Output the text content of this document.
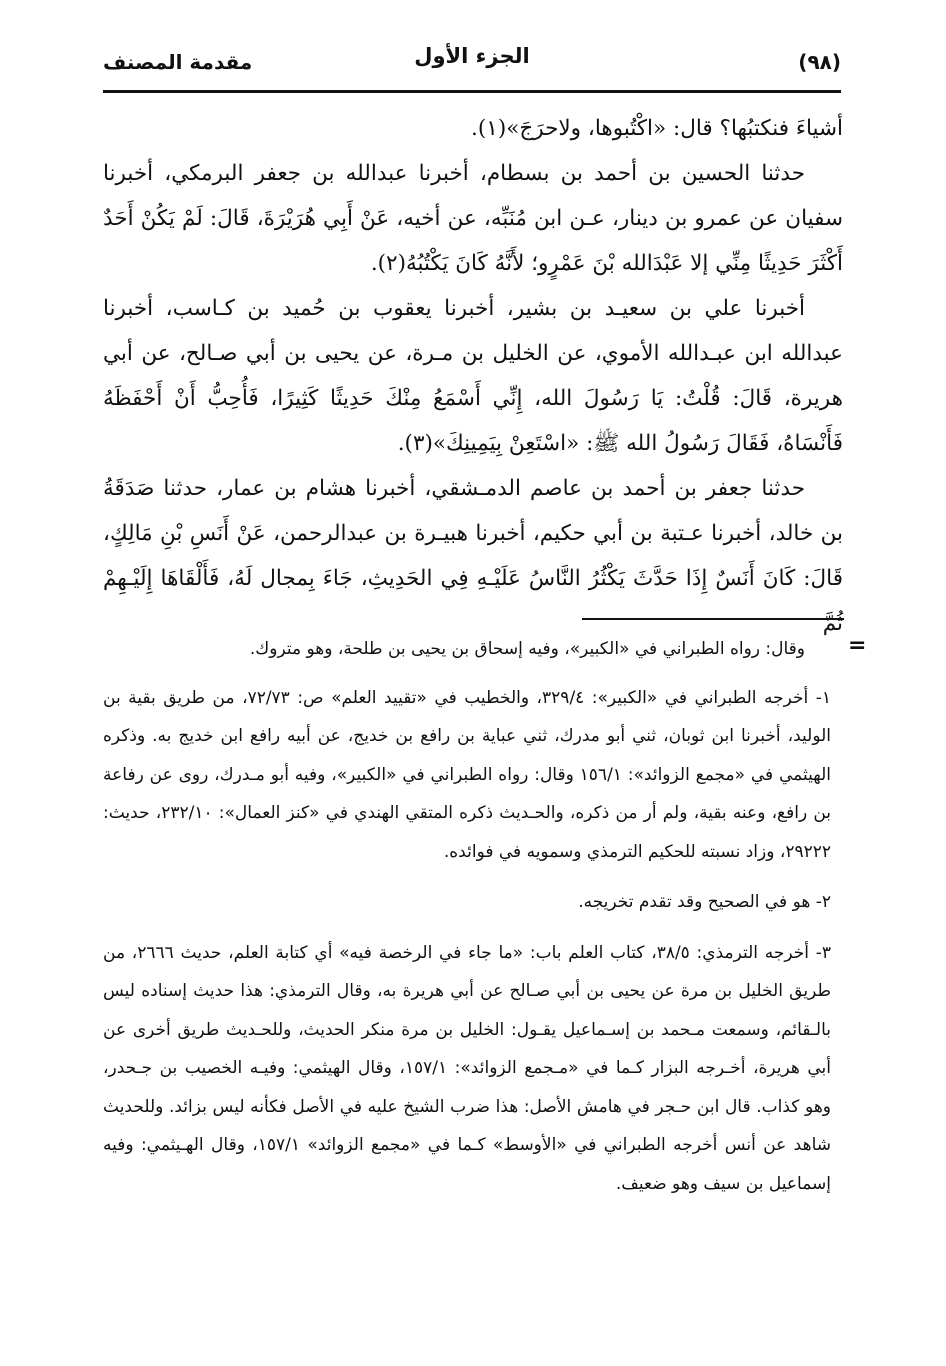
مقدمة المصنف	الجزء الأول	(٩٨)

أشياءَ فنكتبُها؟ قال: «اكْتُبوها، ولاحرَجَ»(١).

حدثنا الحسين بن أحمد بن بسطام، أخبرنا عبدالله بن جعفر البرمكي، أخبرنا سفيان عن عمرو بن دينار، عـن ابن مُنَبِّه، عن أخيه، عَنْ أَبِي هُرَيْرَةَ، قَالَ: لَمْ يَكُنْ أَحَدٌ أَكْثَرَ حَدِيثًا مِنِّي إلا عَبْدَالله بْنَ عَمْرٍو؛ لأَنَّهُ كَانَ يَكْتُبُهُ(٢).

أخبرنا علي بن سعيـد بن بشير، أخبرنا يعقوب بن حُميد بن كـاسب، أخبرنا عبدالله ابن عبـدالله الأموي، عن الخليل بن مـرة، عن يحيى بن أبي صـالح، عن أبي هريرة، قَالَ: قُلْتُ: يَا رَسُولَ الله، إِنِّي أَسْمَعُ مِنْكَ حَدِيثًا كَثِيرًا، فَأُحِبُّ أَنْ أَحْفَظَهُ فَأَنْسَاهُ، فَقَالَ رَسُولُ الله ﷺ: «اسْتَعِنْ بِيَمِينِكَ»(٣).

حدثنا جعفر بن أحمد بن عاصم الدمـشقي، أخبرنا هشام بن عمار، حدثنا صَدَقَةُ بن خالد، أخبرنا عـتبة بن أبي حكيم، أخبرنا هبيـرة بن عبدالرحمن، عَنْ أَنَسِ بْنِ مَالِكٍ، قَالَ: كَانَ أَنَسٌ إِذَا حَدَّثَ يَكْثُرُ النَّاسُ عَلَيْـهِ فِي الحَدِيثِ، جَاءَ بِمجال لَهُ، فَأَلْقَاهَا إِلَيْـهِمْ ثُمَّ

=

وقال: رواه الطبراني في «الكبير»، وفيه إسحاق بن يحيى بن طلحة، وهو متروك.

١- أخرجه الطبراني في «الكبير»: ٣٢٩/٤، والخطيب في «تقييد العلم» ص: ٧٢/٧٣، من طريق بقية بن الوليد، أخبرنا ابن ثوبان، ثني أبو مدرك، ثني عباية بن رافع بن خديج، عن أبيه رافع ابن خديج به. وذكره الهيثمي في «مجمع الزوائد»: ١٥٦/١ وقال: رواه الطبراني في «الكبير»، وفيه أبو مـدرك، روى عن رفاعة بن رافع، وعنه بقية، ولم أر من ذكره، والحـديث ذكره المتقي الهندي في «كنز العمال»: ٢٣٢/١٠، حديث: ٢٩٢٢٢، وزاد نسبته للحكيم الترمذي وسمويه في فوائده.

٢- هو في الصحيح وقد تقدم تخريجه.

٣- أخرجه الترمذي: ٣٨/٥، كتاب العلم باب: «ما جاء في الرخصة فيه» أي كتابة العلم، حديث ٢٦٦٦، من طريق الخليل بن مرة عن يحيى بن أبي صـالح عن أبي هريرة به، وقال الترمذي: هذا حديث إسناده ليس بالـقائم، وسمعت مـحمد بن إسـماعيل يقـول: الخليل بن مرة منكر الحديث، وللحـديث طريق أخرى عن أبي هريرة، أخـرجه البزار كـما في «مـجمع الزوائد»: ١٥٧/١، وقال الهيثمي: وفيـه الخصيب بن جـحدر، وهو كذاب. قال ابن حـجر في هامش الأصل: هذا ضرب الشيخ عليه في الأصل فكأنه ليس بزائد. وللحديث شاهد عن أنس أخرجه الطبراني في «الأوسط» كـما في «مجمع الزوائد» ١٥٧/١، وقال الهـيثمي: وفيه إسماعيل بن سيف وهو ضعيف.
